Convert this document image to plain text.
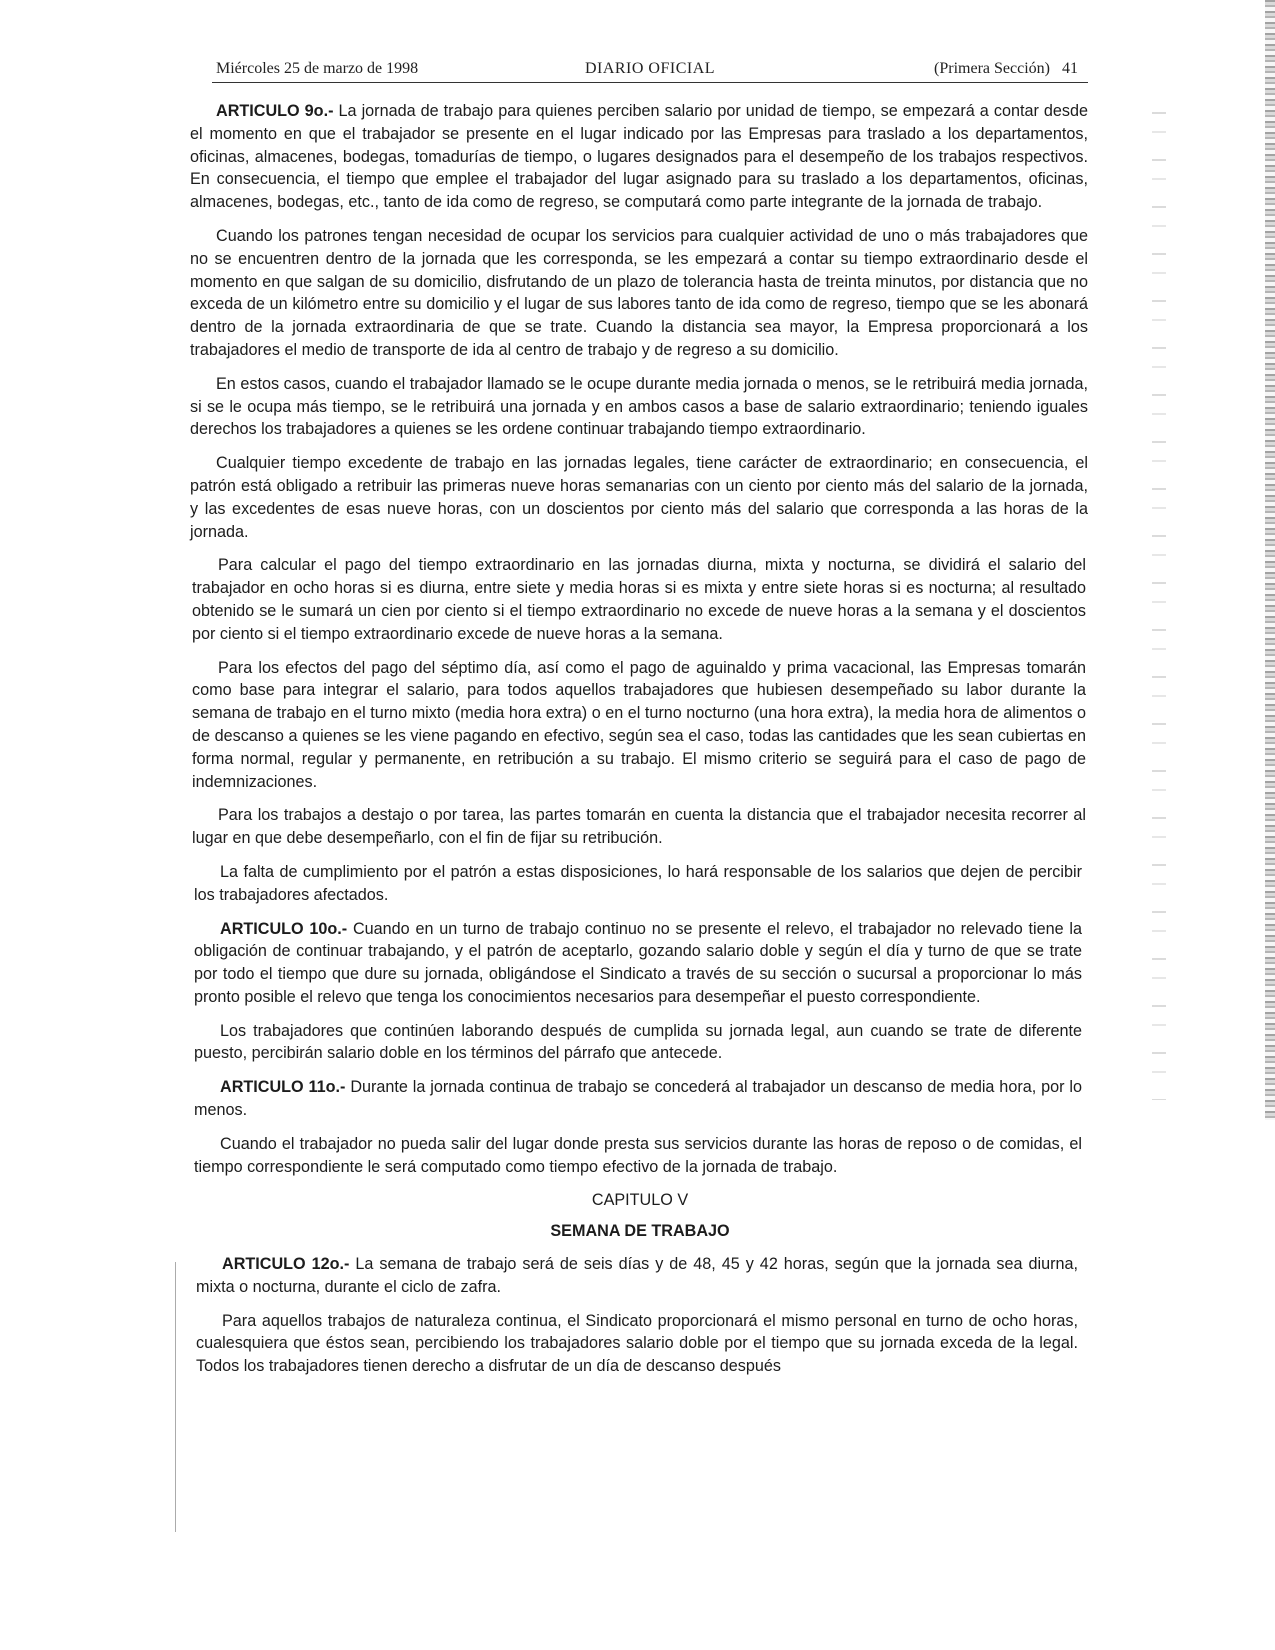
Miércoles 25 de marzo de 1998	DIARIO OFICIAL	(Primera Sección) 41

ARTICULO 9o.- La jornada de trabajo para quienes perciben salario por unidad de tiempo, se empezará a contar desde el momento en que el trabajador se presente en el lugar indicado por las Empresas para traslado a los departamentos, oficinas, almacenes, bodegas, tomadurías de tiempo, o lugares designados para el desempeño de los trabajos respectivos. En consecuencia, el tiempo que emplee el trabajador del lugar asignado para su traslado a los departamentos, oficinas, almacenes, bodegas, etc., tanto de ida como de regreso, se computará como parte integrante de la jornada de trabajo.

Cuando los patrones tengan necesidad de ocupar los servicios para cualquier actividad de uno o más trabajadores que no se encuentren dentro de la jornada que les corresponda, se les empezará a contar su tiempo extraordinario desde el momento en que salgan de su domicilio, disfrutando de un plazo de tolerancia hasta de treinta minutos, por distancia que no exceda de un kilómetro entre su domicilio y el lugar de sus labores tanto de ida como de regreso, tiempo que se les abonará dentro de la jornada extraordinaria de que se trate. Cuando la distancia sea mayor, la Empresa proporcionará a los trabajadores el medio de transporte de ida al centro de trabajo y de regreso a su domicilio.

En estos casos, cuando el trabajador llamado se le ocupe durante media jornada o menos, se le retribuirá media jornada, si se le ocupa más tiempo, se le retribuirá una jornada y en ambos casos a base de salario extraordinario; teniendo iguales derechos los trabajadores a quienes se les ordene continuar trabajando tiempo extraordinario.

Cualquier tiempo excedente de trabajo en las jornadas legales, tiene carácter de extraordinario; en consecuencia, el patrón está obligado a retribuir las primeras nueve horas semanarias con un ciento por ciento más del salario de la jornada, y las excedentes de esas nueve horas, con un doscientos por ciento más del salario que corresponda a las horas de la jornada.

Para calcular el pago del tiempo extraordinario en las jornadas diurna, mixta y nocturna, se dividirá el salario del trabajador en ocho horas si es diurna, entre siete y media horas si es mixta y entre siete horas si es nocturna; al resultado obtenido se le sumará un cien por ciento si el tiempo extraordinario no excede de nueve horas a la semana y el doscientos por ciento si el tiempo extraordinario excede de nueve horas a la semana.

Para los efectos del pago del séptimo día, así como el pago de aguinaldo y prima vacacional, las Empresas tomarán como base para integrar el salario, para todos aquellos trabajadores que hubiesen desempeñado su labor durante la semana de trabajo en el turno mixto (media hora extra) o en el turno nocturno (una hora extra), la media hora de alimentos o de descanso a quienes se les viene pagando en efectivo, según sea el caso, todas las cantidades que les sean cubiertas en forma normal, regular y permanente, en retribución a su trabajo. El mismo criterio se seguirá para el caso de pago de indemnizaciones.

Para los trabajos a destajo o por tarea, las partes tomarán en cuenta la distancia que el trabajador necesita recorrer al lugar en que debe desempeñarlo, con el fin de fijar su retribución.

La falta de cumplimiento por el patrón a estas disposiciones, lo hará responsable de los salarios que dejen de percibir los trabajadores afectados.

ARTICULO 10o.- Cuando en un turno de trabajo continuo no se presente el relevo, el trabajador no relevado tiene la obligación de continuar trabajando, y el patrón de aceptarlo, gozando salario doble y según el día y turno de que se trate por todo el tiempo que dure su jornada, obligándose el Sindicato a través de su sección o sucursal a proporcionar lo más pronto posible el relevo que tenga los conocimientos necesarios para desempeñar el puesto correspondiente.

Los trabajadores que continúen laborando después de cumplida su jornada legal, aun cuando se trate de diferente puesto, percibirán salario doble en los términos del párrafo que antecede.

ARTICULO 11o.- Durante la jornada continua de trabajo se concederá al trabajador un descanso de media hora, por lo menos.

Cuando el trabajador no pueda salir del lugar donde presta sus servicios durante las horas de reposo o de comidas, el tiempo correspondiente le será computado como tiempo efectivo de la jornada de trabajo.

CAPITULO V

SEMANA DE TRABAJO

ARTICULO 12o.- La semana de trabajo será de seis días y de 48, 45 y 42 horas, según que la jornada sea diurna, mixta o nocturna, durante el ciclo de zafra.

Para aquellos trabajos de naturaleza continua, el Sindicato proporcionará el mismo personal en turno de ocho horas, cualesquiera que éstos sean, percibiendo los trabajadores salario doble por el tiempo que su jornada exceda de la legal. Todos los trabajadores tienen derecho a disfrutar de un día de descanso después
